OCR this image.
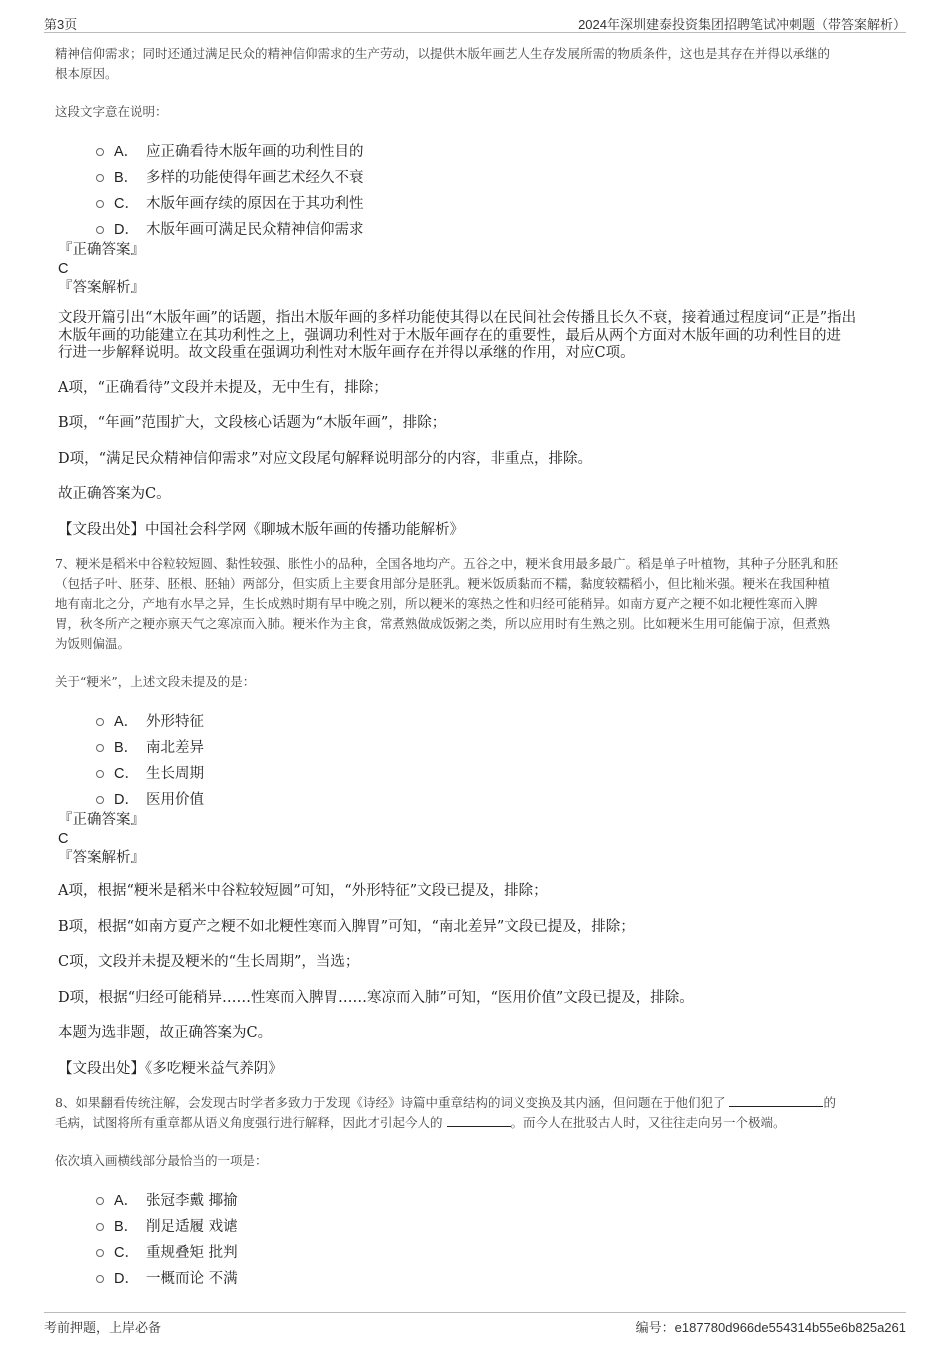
第3页	2024年深圳建泰投资集团招聘笔试冲刺题（带答案解析）

精神信仰需求；同时还通过满足民众的精神信仰需求的生产劳动，以提供木版年画艺人生存发展所需的物质条件，这也是其存在并得以承继的

根本原因。

这段文字意在说明：

A． 应正确看待木版年画的功利性目的
B． 多样的功能使得年画艺术经久不衰
C． 木版年画存续的原因在于其功利性
D． 木版年画可满足民众精神信仰需求

『正确答案』

C

『答案解析』

文段开篇引出“木版年画”的话题，指出木版年画的多样功能使其得以在民间社会传播且长久不衰，接着通过程度词“正是”指出

木版年画的功能建立在其功利性之上，强调功利性对于木版年画存在的重要性，最后从两个方面对木版年画的功利性目的进

行进一步解释说明。故文段重在强调功利性对木版年画存在并得以承继的作用，对应C项。

A项，“正确看待”文段并未提及，无中生有，排除；

B项，“年画”范围扩大，文段核心话题为“木版年画”，排除；

D项，“满足民众精神信仰需求”对应文段尾句解释说明部分的内容，非重点，排除。

故正确答案为C。

【文段出处】中国社会科学网《聊城木版年画的传播功能解析》

7、粳米是稻米中谷粒较短圆、黏性较强、胀性小的品种，全国各地均产。五谷之中，粳米食用最多最广。稻是单子叶植物，其种子分胚乳和胚

（包括子叶、胚芽、胚根、胚轴）两部分，但实质上主要食用部分是胚乳。粳米饭质黏而不糯，黏度较糯稻小，但比籼米强。粳米在我国种植

地有南北之分，产地有水旱之异，生长成熟时期有早中晚之别，所以粳米的寒热之性和归经可能稍异。如南方夏产之粳不如北粳性寒而入脾

胃，秋冬所产之粳亦禀天气之寒凉而入肺。粳米作为主食，常煮熟做成饭粥之类，所以应用时有生熟之别。比如粳米生用可能偏于凉，但煮熟

为饭则偏温。

关于“粳米”，上述文段未提及的是：

A． 外形特征
B． 南北差异
C． 生长周期
D． 医用价值

『正确答案』

C

『答案解析』

A项，根据“粳米是稻米中谷粒较短圆”可知，“外形特征”文段已提及，排除；

B项，根据“如南方夏产之粳不如北粳性寒而入脾胃”可知，“南北差异”文段已提及，排除；

C项，文段并未提及粳米的“生长周期”，当选；

D项，根据“归经可能稍异……性寒而入脾胃……寒凉而入肺”可知，“医用价值”文段已提及，排除。

本题为选非题，故正确答案为C。

【文段出处】《多吃粳米益气养阴》

8、如果翻看传统注解，会发现古时学者多致力于发现《诗经》诗篇中重章结构的词义变换及其内涵，但问题在于他们犯了	的

毛病，试图将所有重章都从语义角度强行进行解释，因此才引起今人的	。而今人在批驳古人时，又往往走向另一个极端。

依次填入画横线部分最恰当的一项是：

A． 张冠李戴 揶揄
B． 削足适履 戏谑
C． 重规叠矩 批判
D． 一概而论 不满
考前押题，上岸必备	编号：e187780d966de554314b55e6b825a261
